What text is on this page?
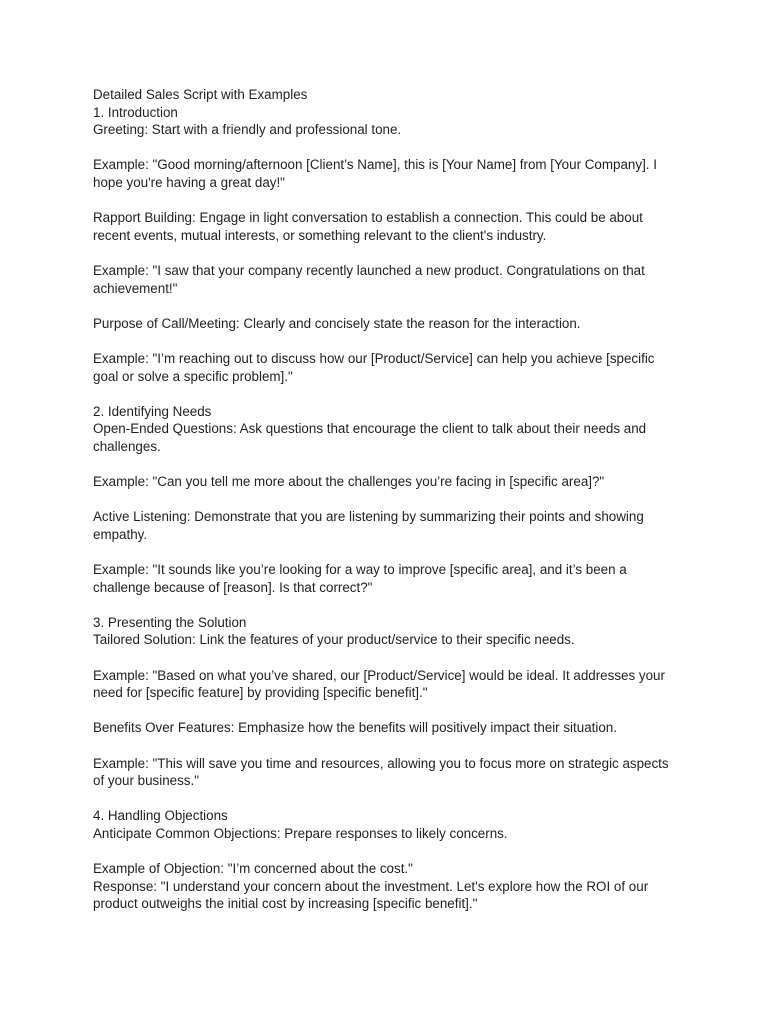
Detailed Sales Script with Examples

1. Introduction

Greeting: Start with a friendly and professional tone.

Example: "Good morning/afternoon [Client’s Name], this is [Your Name] from [Your Company]. I hope you're having a great day!"

Rapport Building: Engage in light conversation to establish a connection. This could be about recent events, mutual interests, or something relevant to the client's industry.

Example: "I saw that your company recently launched a new product. Congratulations on that achievement!"

Purpose of Call/Meeting: Clearly and concisely state the reason for the interaction.

Example: "I’m reaching out to discuss how our [Product/Service] can help you achieve [specific goal or solve a specific problem]."

2. Identifying Needs

Open-Ended Questions: Ask questions that encourage the client to talk about their needs and challenges.

Example: "Can you tell me more about the challenges you’re facing in [specific area]?"

Active Listening: Demonstrate that you are listening by summarizing their points and showing empathy.

Example: "It sounds like you’re looking for a way to improve [specific area], and it’s been a challenge because of [reason]. Is that correct?"

3. Presenting the Solution

Tailored Solution: Link the features of your product/service to their specific needs.

Example: "Based on what you’ve shared, our [Product/Service] would be ideal. It addresses your need for [specific feature] by providing [specific benefit]."

Benefits Over Features: Emphasize how the benefits will positively impact their situation.

Example: "This will save you time and resources, allowing you to focus more on strategic aspects of your business."

4. Handling Objections

Anticipate Common Objections: Prepare responses to likely concerns.

Example of Objection: "I’m concerned about the cost."

Response: "I understand your concern about the investment. Let's explore how the ROI of our product outweighs the initial cost by increasing [specific benefit]."
